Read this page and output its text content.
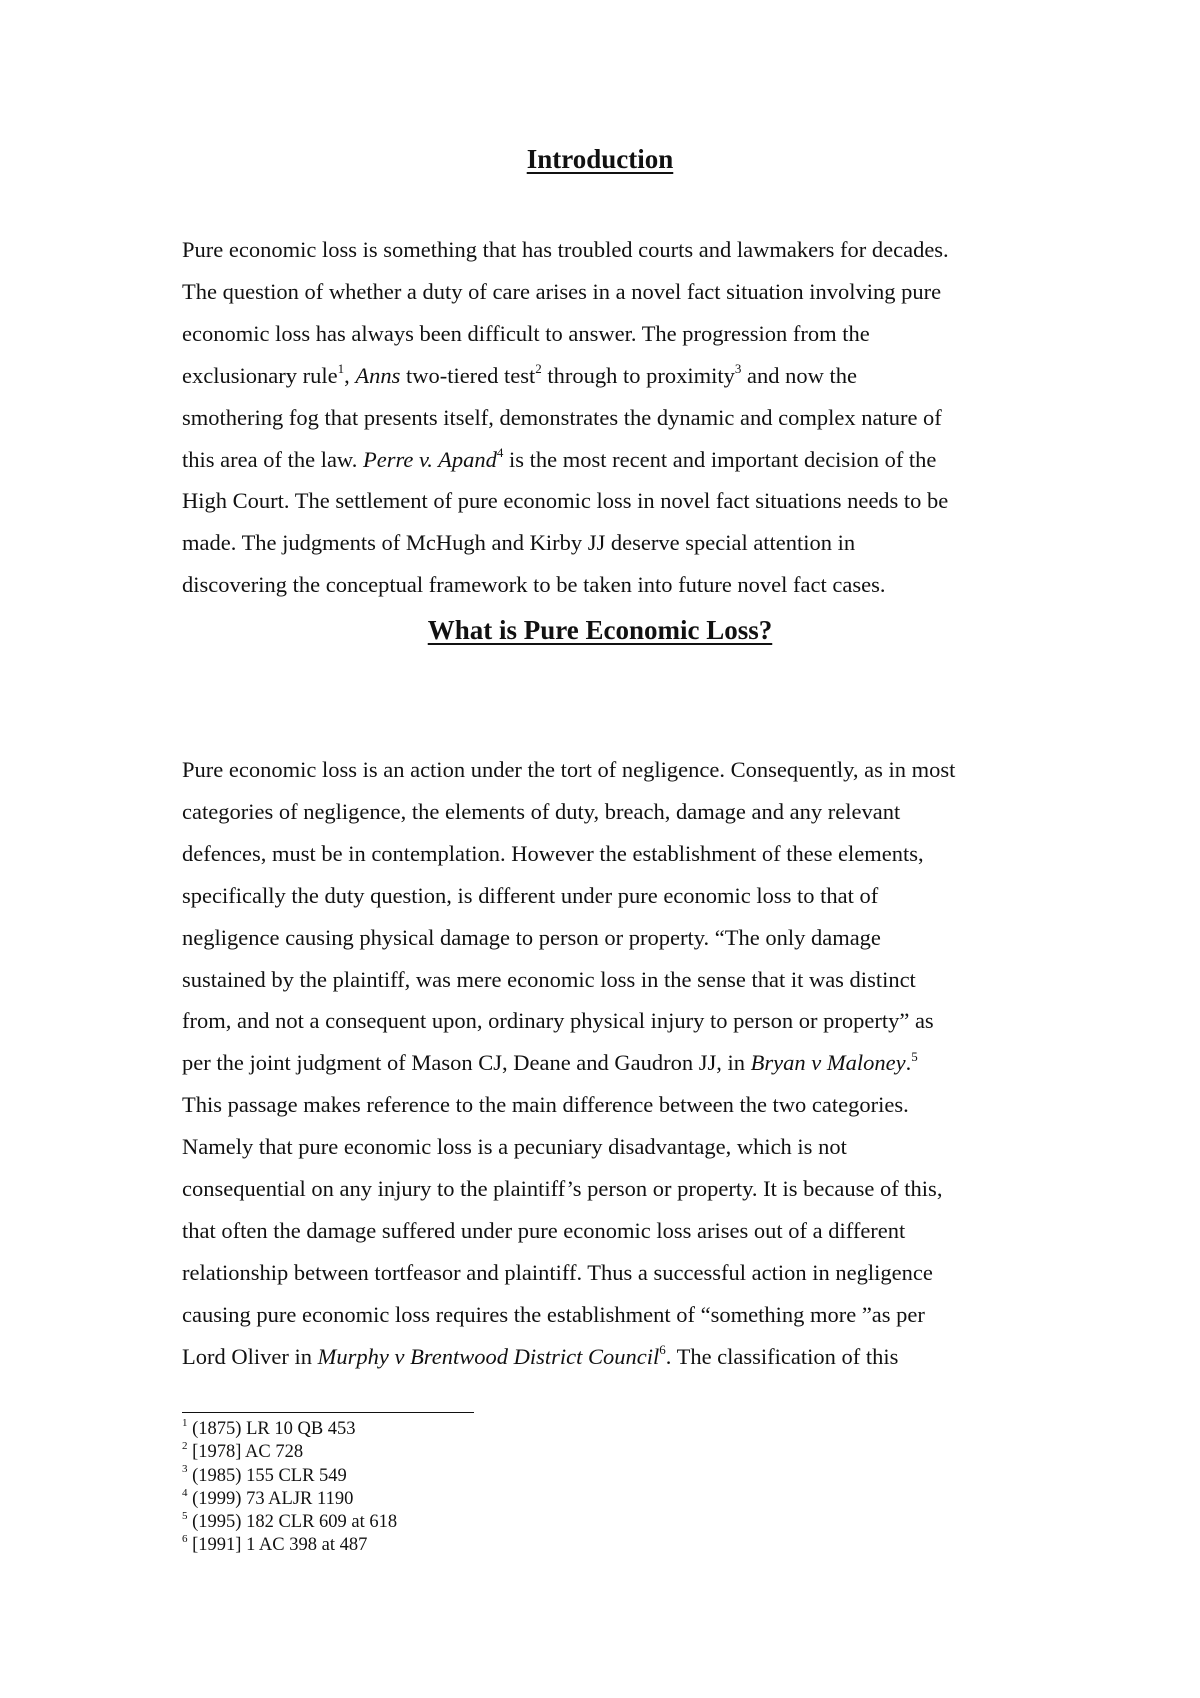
Introduction

Pure economic loss is something that has troubled courts and lawmakers for decades.
The question of whether a duty of care arises in a novel fact situation involving pure
economic loss has always been difficult to answer. The progression from the
exclusionary rule$^1$, Anns two-tiered test$^2$ through to proximity$^3$ and now the
smothering fog that presents itself, demonstrates the dynamic and complex nature of
this area of the law. Perre v. Apand$^4$ is the most recent and important decision of the
High Court. The settlement of pure economic loss in novel fact situations needs to be
made. The judgments of McHugh and Kirby JJ deserve special attention in
discovering the conceptual framework to be taken into future novel fact cases.

What is Pure Economic Loss?

Pure economic loss is an action under the tort of negligence. Consequently, as in most
categories of negligence, the elements of duty, breach, damage and any relevant
defences, must be in contemplation. However the establishment of these elements,
specifically the duty question, is different under pure economic loss to that of
negligence causing physical damage to person or property. “The only damage
sustained by the plaintiff, was mere economic loss in the sense that it was distinct
from, and not a consequent upon, ordinary physical injury to person or property” as
per the joint judgment of Mason CJ, Deane and Gaudron JJ, in Bryan v Maloney.$^5$
This passage makes reference to the main difference between the two categories.
Namely that pure economic loss is a pecuniary disadvantage, which is not
consequential on any injury to the plaintiff’s person or property. It is because of this,
that often the damage suffered under pure economic loss arises out of a different
relationship between tortfeasor and plaintiff. Thus a successful action in negligence
causing pure economic loss requires the establishment of “something more ”as per
Lord Oliver in Murphy v Brentwood District Council$^6$. The classification of this

$^1$ (1875) LR 10 QB 453
$^2$ [1978] AC 728
$^3$ (1985) 155 CLR 549
$^4$ (1999) 73 ALJR 1190
$^5$ (1995) 182 CLR 609 at 618
$^6$ [1991] 1 AC 398 at 487
